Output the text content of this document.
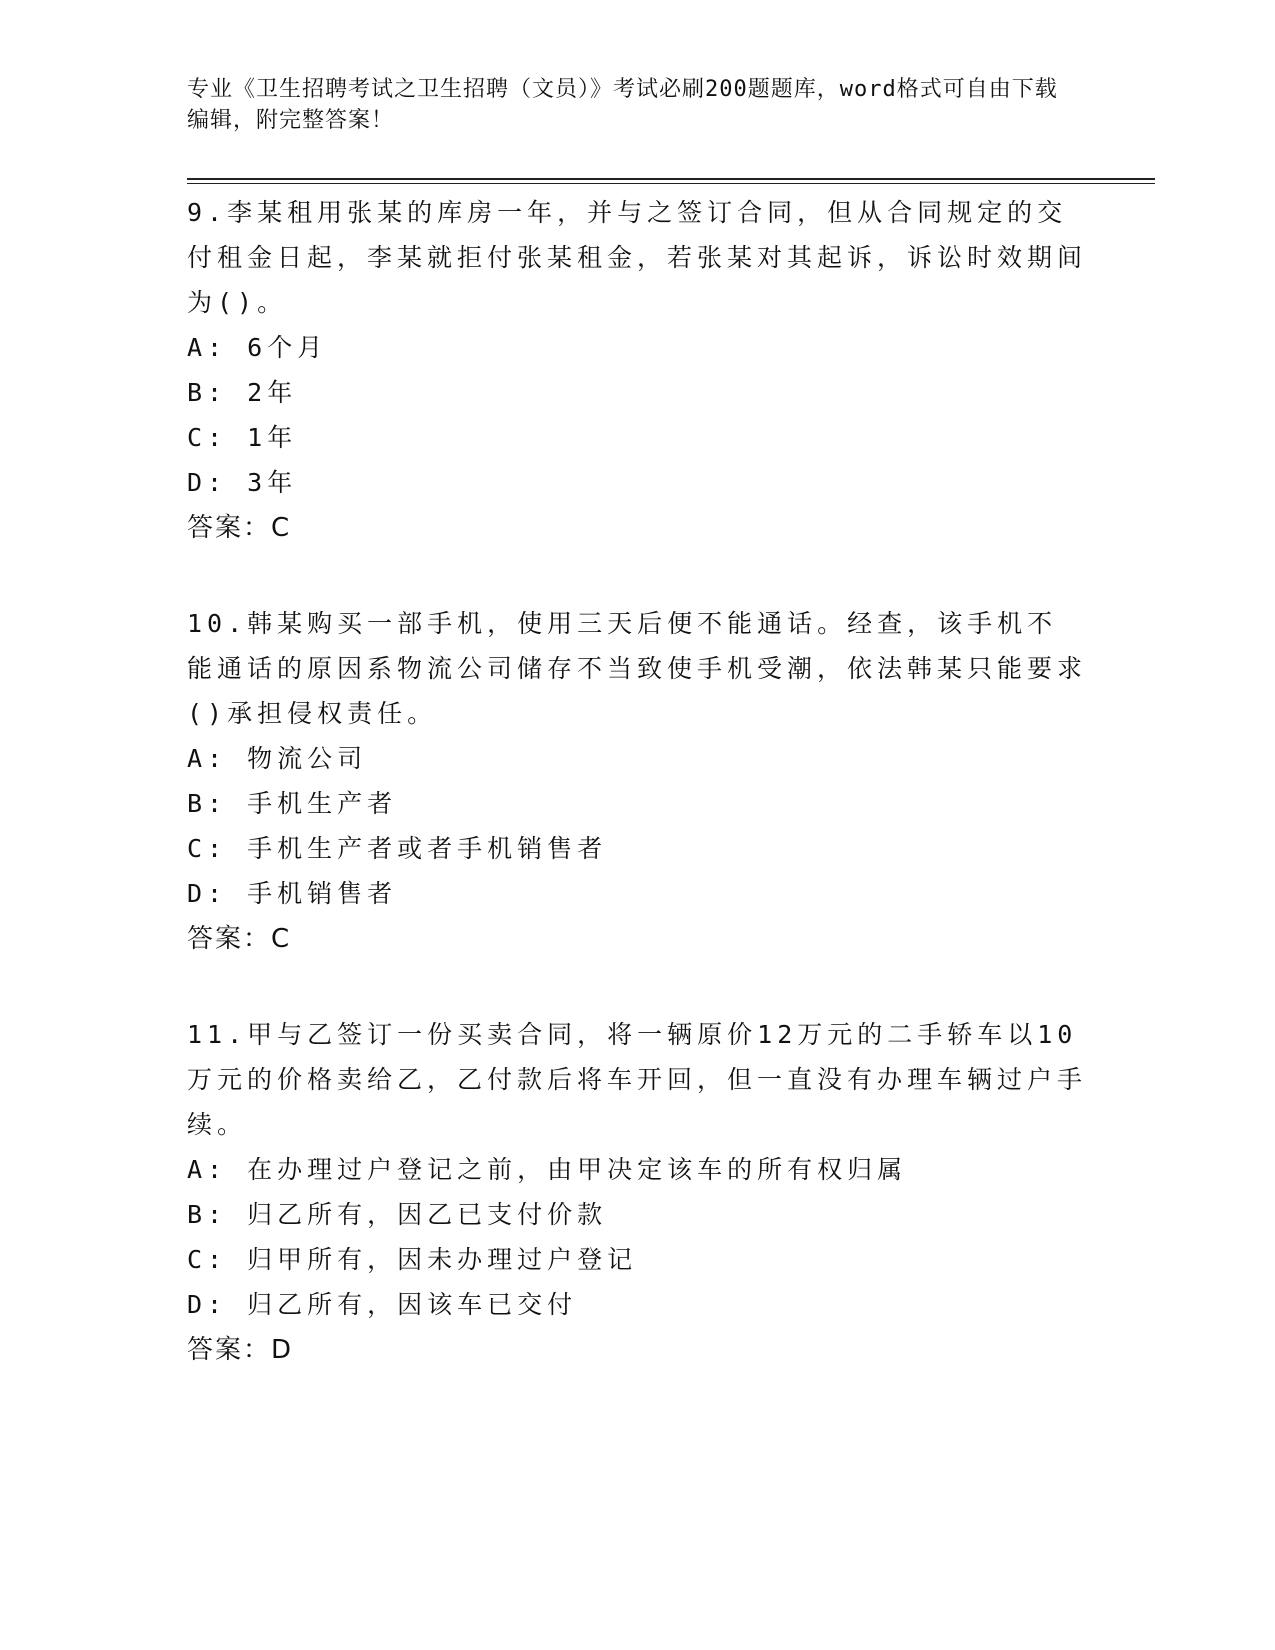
专业《卫生招聘考试之卫生招聘（文员）》考试必刷200题题库，word格式可自由下载编辑，附完整答案！

9.李某租用张某的库房一年，并与之签订合同，但从合同规定的交付租金日起，李某就拒付张某租金，若张某对其起诉，诉讼时效期间为()。

A: 6个月

B: 2年

C: 1年

D: 3年

答案：C

10.韩某购买一部手机，使用三天后便不能通话。经查，该手机不能通话的原因系物流公司储存不当致使手机受潮，依法韩某只能要求()承担侵权责任。

A: 物流公司

B: 手机生产者

C: 手机生产者或者手机销售者

D: 手机销售者

答案：C

11.甲与乙签订一份买卖合同，将一辆原价12万元的二手轿车以10万元的价格卖给乙，乙付款后将车开回，但一直没有办理车辆过户手续。

A: 在办理过户登记之前，由甲决定该车的所有权归属

B: 归乙所有，因乙已支付价款

C: 归甲所有，因未办理过户登记

D: 归乙所有，因该车已交付

答案：D
